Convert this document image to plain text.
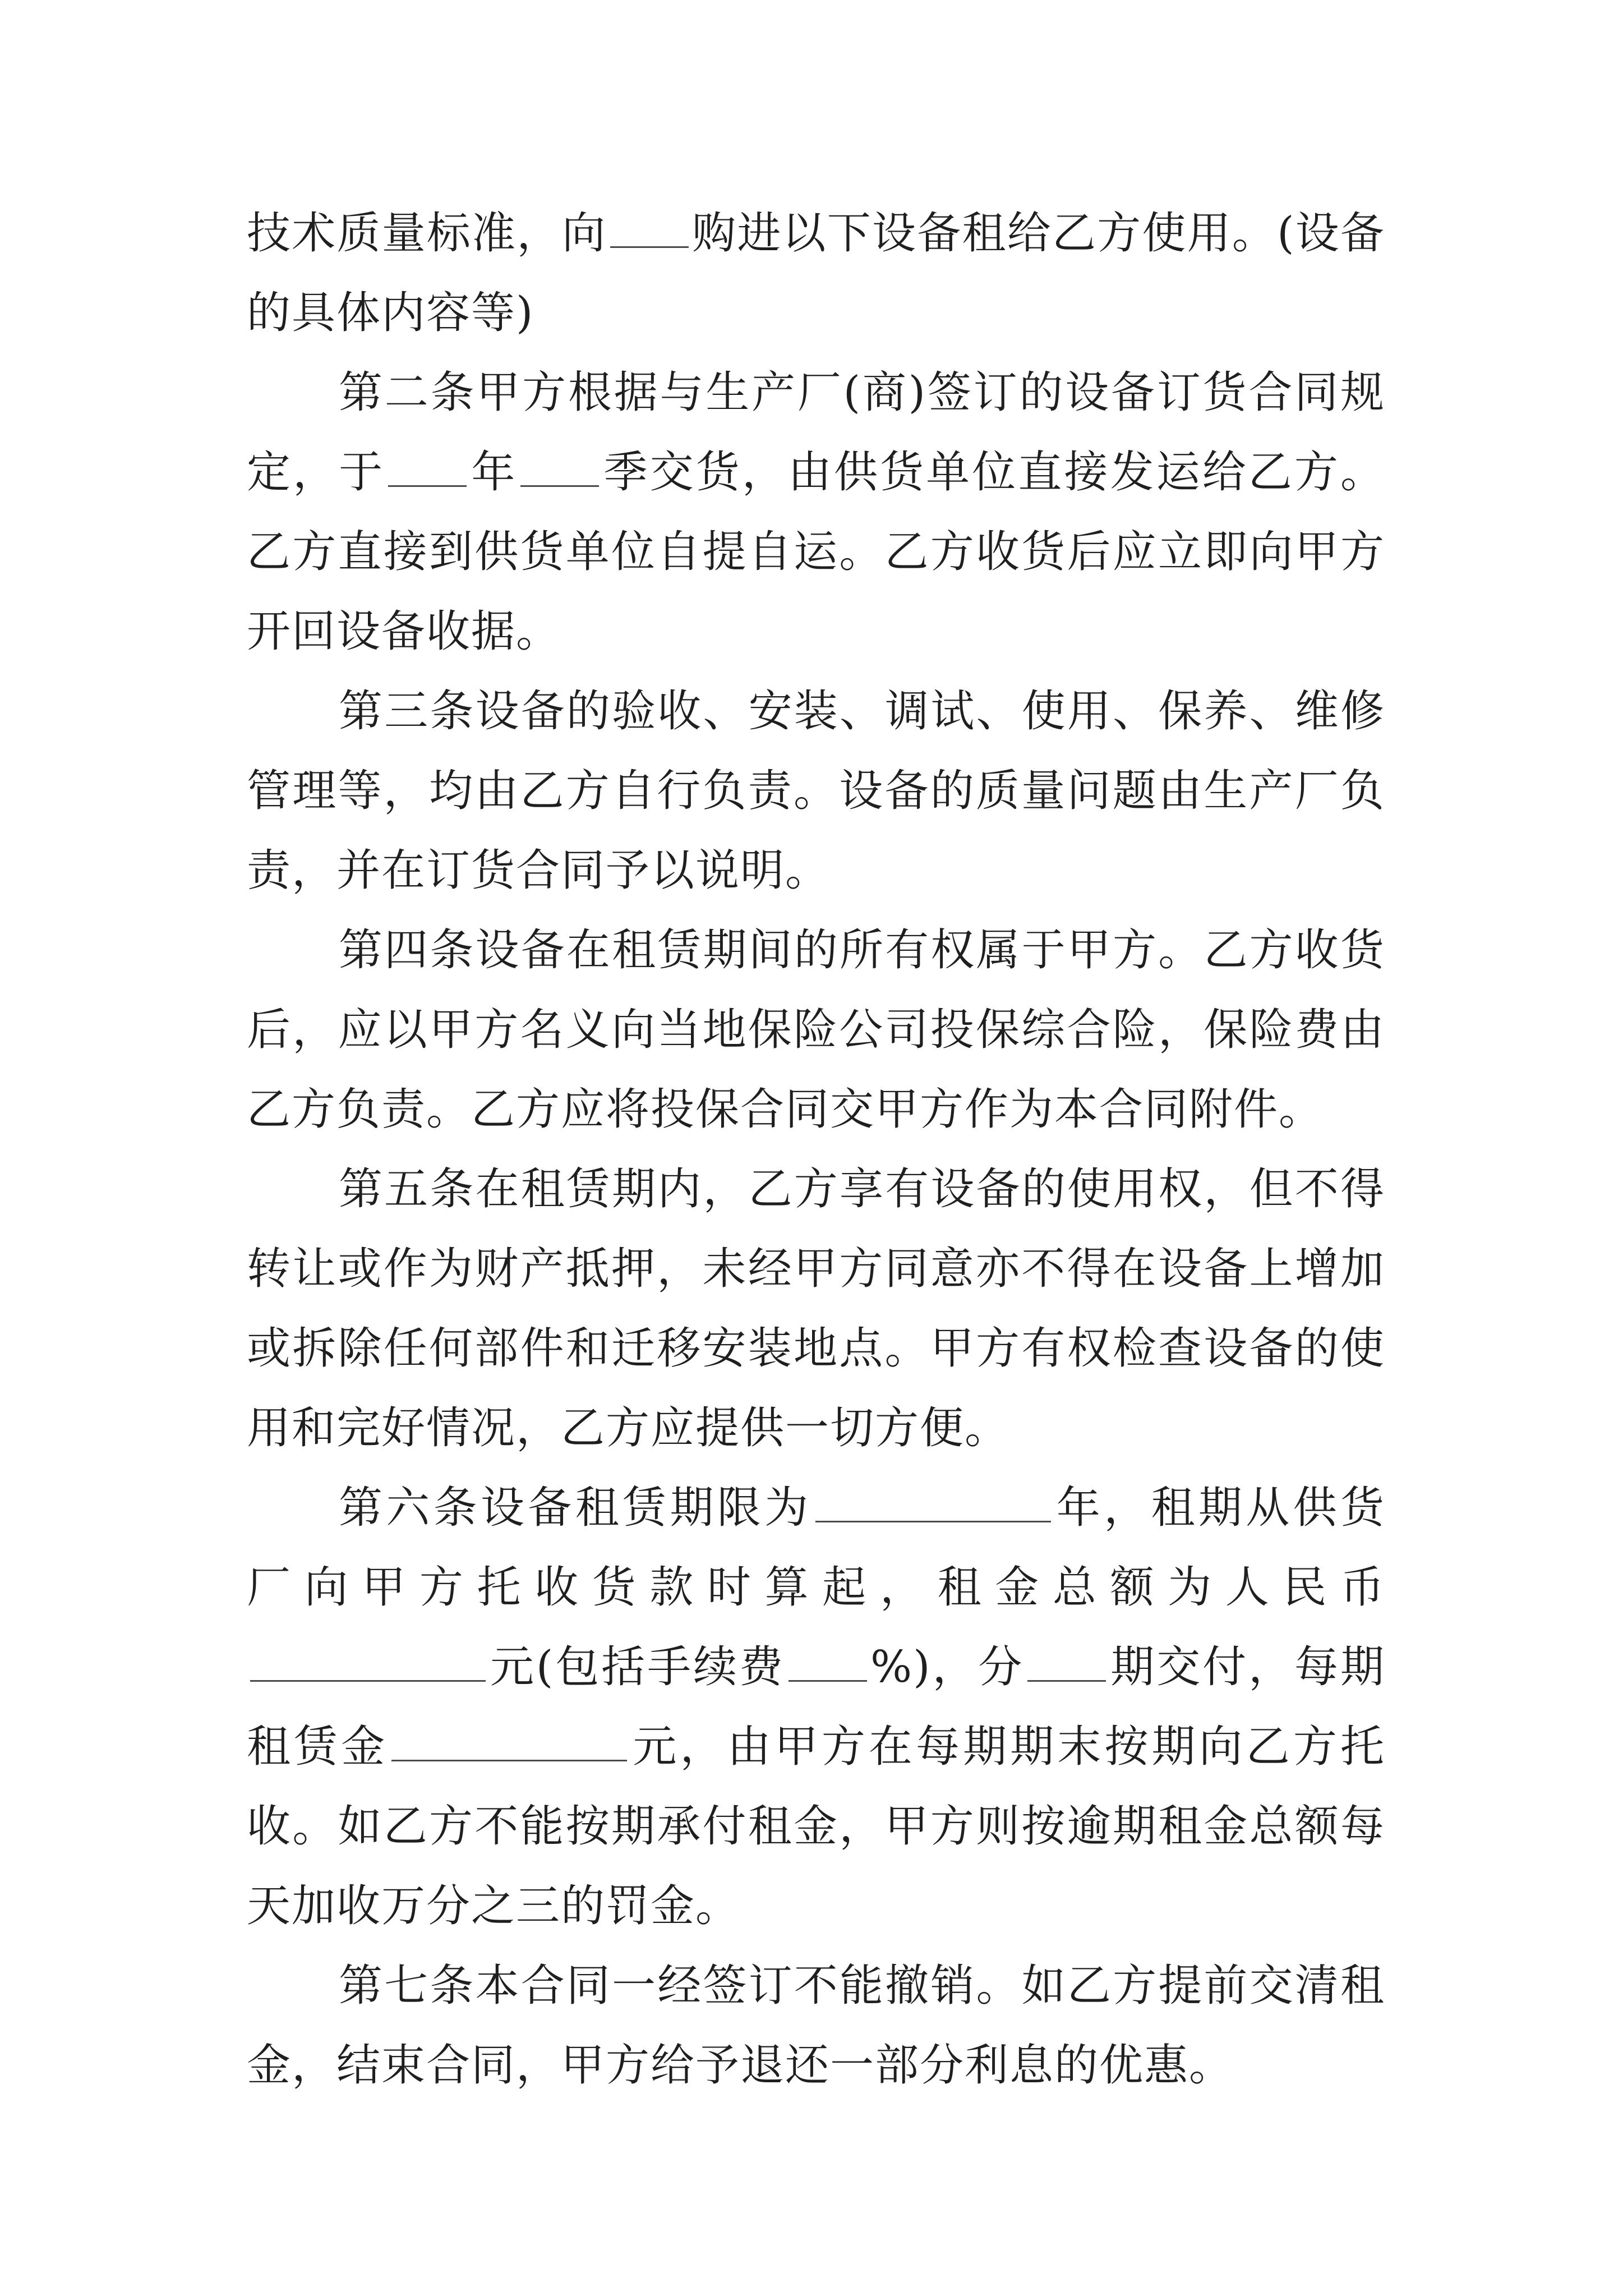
技术质量标准，向 购进以下设备租给乙方使用。(设备的具体内容等)

第二条甲方根据与生产厂(商)签订的设备订货合同规定，于 年 季交货，由供货单位直接发运给乙方。乙方直接到供货单位自提自运。乙方收货后应立即向甲方开回设备收据。

第三条设备的验收、安装、调试、使用、保养、维修管理等，均由乙方自行负责。设备的质量问题由生产厂负责，并在订货合同予以说明。

第四条设备在租赁期间的所有权属于甲方。乙方收货后，应以甲方名义向当地保险公司投保综合险，保险费由乙方负责。乙方应将投保合同交甲方作为本合同附件。

第五条在租赁期内，乙方享有设备的使用权，但不得转让或作为财产抵押，未经甲方同意亦不得在设备上增加或拆除任何部件和迁移安装地点。甲方有权检查设备的使用和完好情况，乙方应提供一切方便。

第六条设备租赁期限为	年，租期从供货厂向甲方托收货款时算起，租金总额为人民币元(包括手续费 %)，分 期交付，每期租赁金	元，由甲方在每期期末按期向乙方托收。如乙方不能按期承付租金，甲方则按逾期租金总额每天加收万分之三的罚金。

第七条本合同一经签订不能撤销。如乙方提前交清租金，结束合同，甲方给予退还一部分利息的优惠。
